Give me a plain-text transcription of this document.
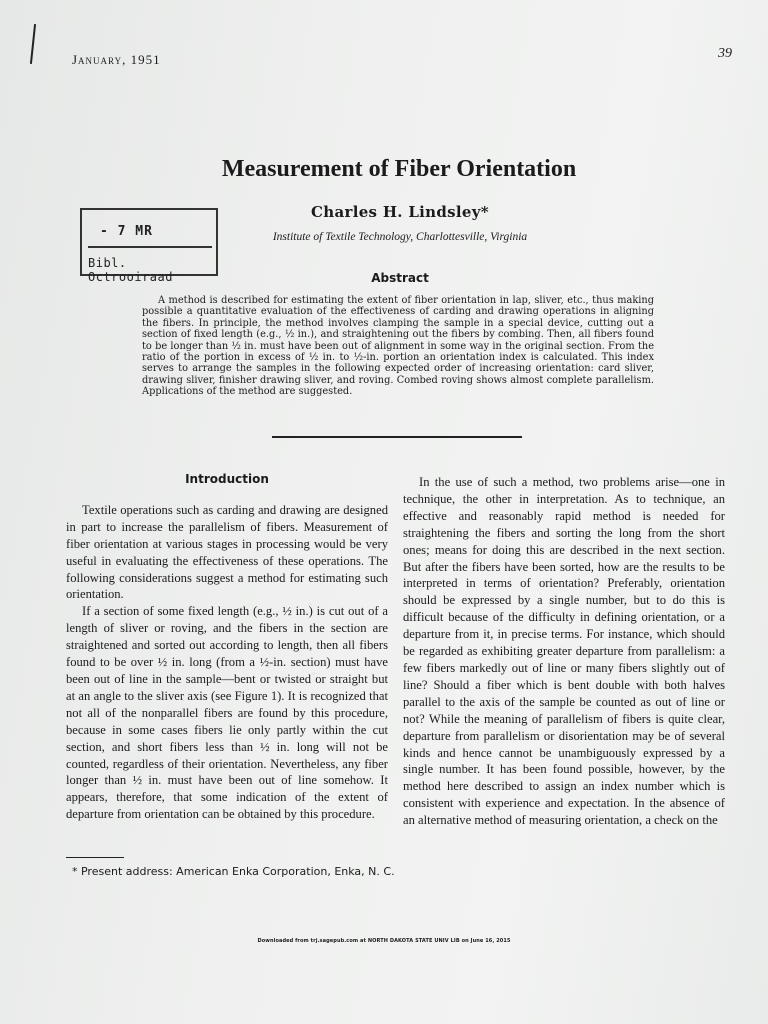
January, 1951	39
- 7 MR
Bibl. Octrooiraad
Measurement of Fiber Orientation
Charles H. Lindsley*
Institute of Textile Technology, Charlottesville, Virginia
Abstract
A method is described for estimating the extent of fiber orientation in lap, sliver, etc., thus making possible a quantitative evaluation of the effectiveness of carding and drawing operations in aligning the fibers. In principle, the method involves clamping the sample in a special device, cutting out a section of fixed length (e.g., ½ in.), and straightening out the fibers by combing. Then, all fibers found to be longer than ½ in. must have been out of alignment in some way in the original section. From the ratio of the portion in excess of ½ in. to ½-in. portion an orientation index is calculated. This index serves to arrange the samples in the following expected order of increasing orientation: card sliver, drawing sliver, finisher drawing sliver, and roving. Combed roving shows almost complete parallelism. Applications of the method are suggested.
Introduction

Textile operations such as carding and drawing are designed in part to increase the parallelism of fibers. Measurement of fiber orientation at various stages in processing would be very useful in evaluating the effectiveness of these operations. The following considerations suggest a method for estimating such orientation.

If a section of some fixed length (e.g., ½ in.) is cut out of a length of sliver or roving, and the fibers in the section are straightened and sorted out according to length, then all fibers found to be over ½ in. long (from a ½-in. section) must have been out of line in the sample—bent or twisted or straight but at an angle to the sliver axis (see Figure 1). It is recognized that not all of the nonparallel fibers are found by this procedure, because in some cases fibers lie only partly within the cut section, and short fibers less than ½ in. long will not be counted, regardless of their orientation. Nevertheless, any fiber longer than ½ in. must have been out of line somehow. It appears, therefore, that some indication of the extent of departure from orientation can be obtained by this procedure.

In the use of such a method, two problems arise—one in technique, the other in interpretation. As to technique, an effective and reasonably rapid method is needed for straightening the fibers and sorting the long from the short ones; means for doing this are described in the next section. But after the fibers have been sorted, how are the results to be interpreted in terms of orientation? Preferably, orientation should be expressed by a single number, but to do this is difficult because of the difficulty in defining orientation, or a departure from it, in precise terms. For instance, which should be regarded as exhibiting greater departure from parallelism: a few fibers markedly out of line or many fibers slightly out of line? Should a fiber which is bent double with both halves parallel to the axis of the sample be counted as out of line or not? While the meaning of parallelism of fibers is quite clear, departure from parallelism or disorientation may be of several kinds and hence cannot be unambiguously expressed by a single number. It has been found possible, however, by the method here described to assign an index number which is consistent with experience and expectation. In the absence of an alternative method of measuring orientation, a check on the

* Present address: American Enka Corporation, Enka, N. C.
Downloaded from trj.sagepub.com at NORTH DAKOTA STATE UNIV LIB on June 16, 2015
